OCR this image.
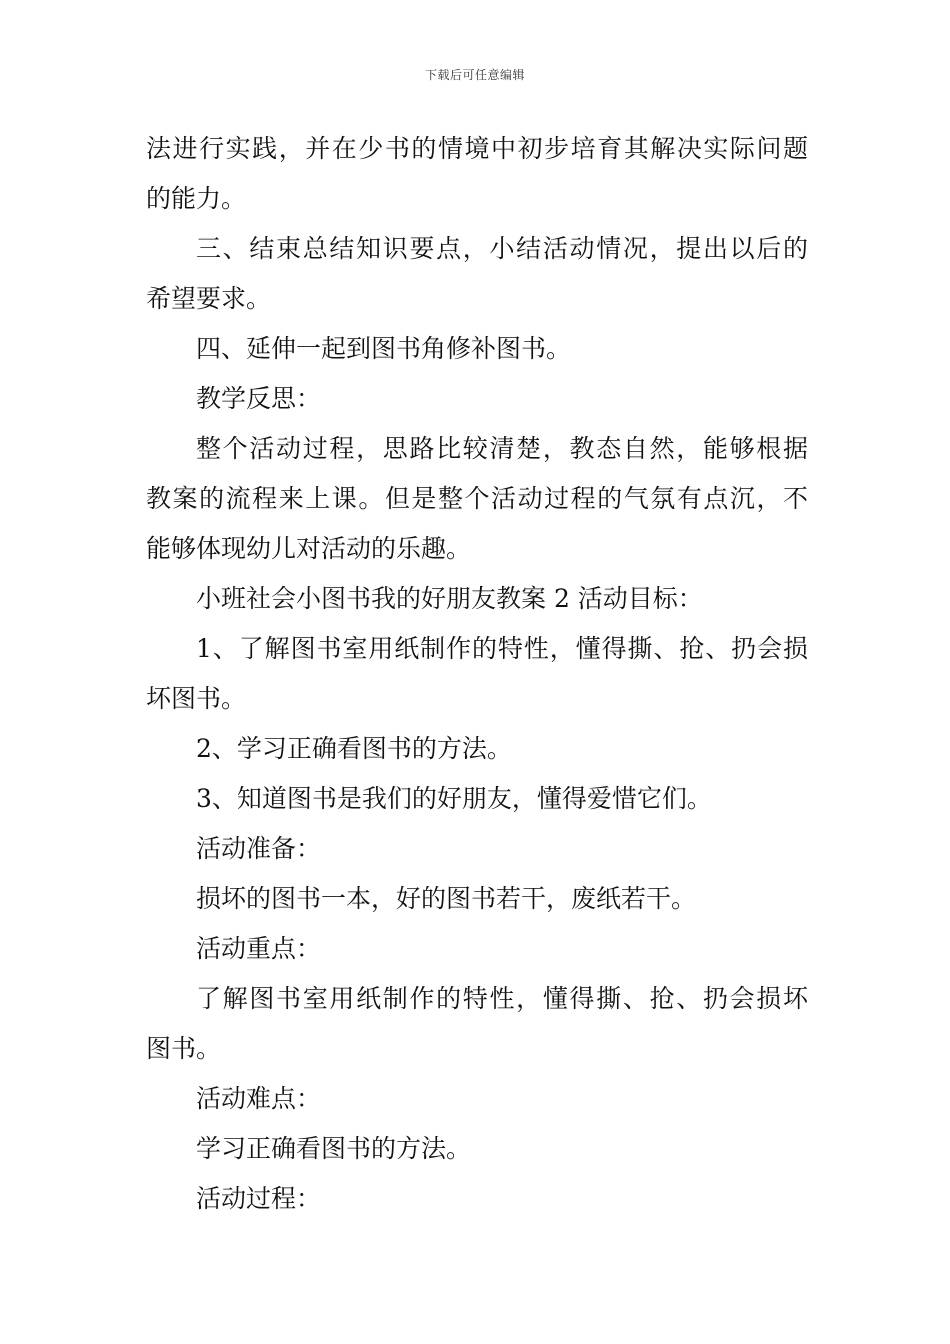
下载后可任意编辑
法进行实践，并在少书的情境中初步培育其解决实际问题
的能力。
三、结束总结知识要点，小结活动情况，提出以后的
希望要求。
四、延伸一起到图书角修补图书。
教学反思：
整个活动过程，思路比较清楚，教态自然，能够根据
教案的流程来上课。但是整个活动过程的气氛有点沉，不
能够体现幼儿对活动的乐趣。
小班社会小图书我的好朋友教案 2 活动目标：
1、了解图书室用纸制作的特性，懂得撕、抢、扔会损
坏图书。
2、学习正确看图书的方法。
3、知道图书是我们的好朋友，懂得爱惜它们。
活动准备：
损坏的图书一本，好的图书若干，废纸若干。
活动重点：
了解图书室用纸制作的特性，懂得撕、抢、扔会损坏
图书。
活动难点：
学习正确看图书的方法。
活动过程：
